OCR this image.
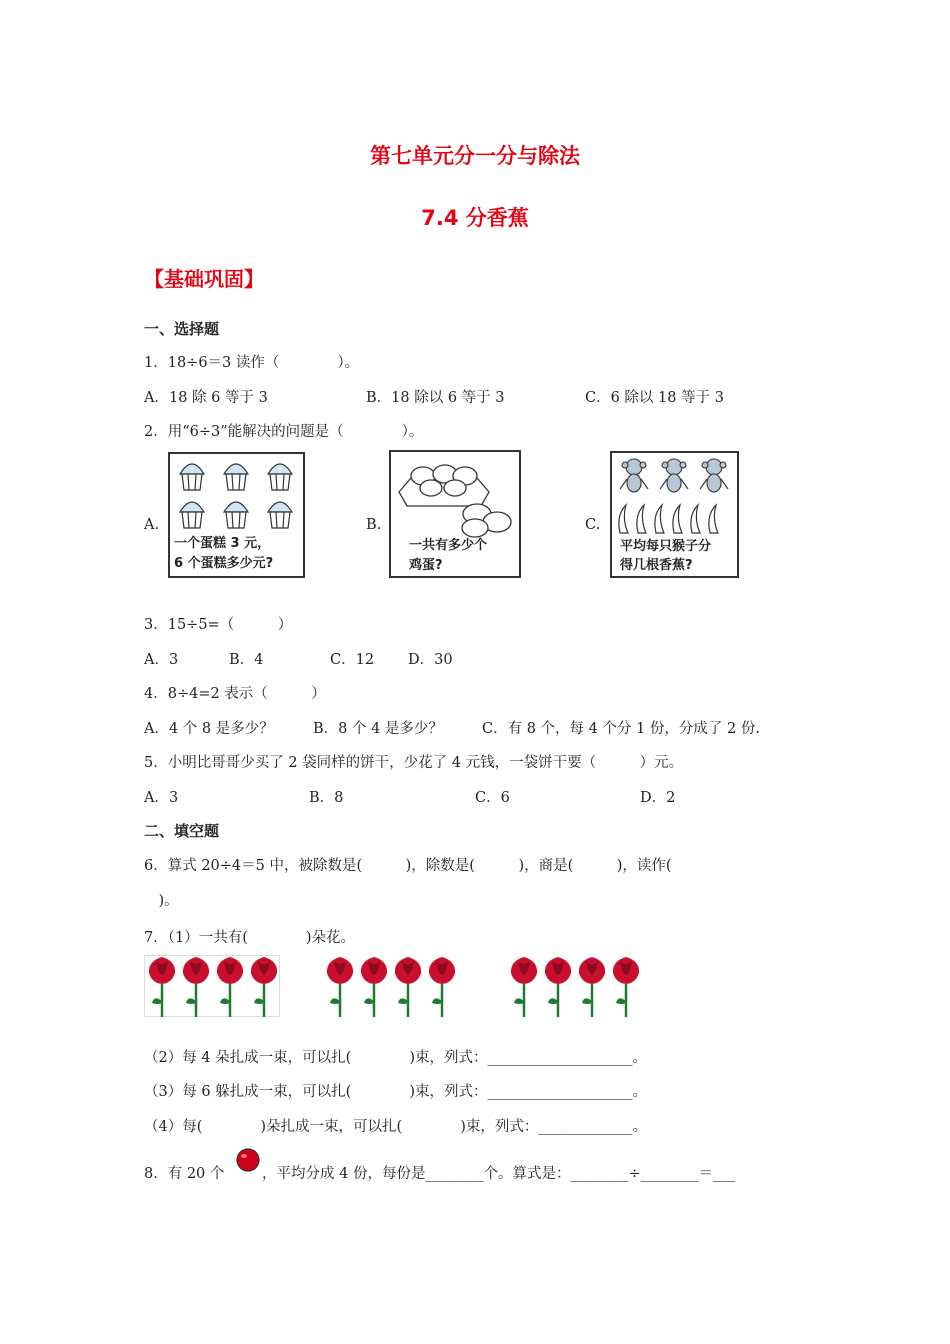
第七单元分一分与除法
7.4 分香蕉
【基础巩固】
一、选择题
1．18÷6＝3 读作（　　　　）。
A．18 除 6 等于 3	B．18 除以 6 等于 3	C．6 除以 18 等于 3
2．用“6÷3”能解决的问题是（　　　　）。
A.
一个蛋糕 3 元，
6 个蛋糕多少元?
B.
一共有多少个
鸡蛋?
C.
平均每只猴子分
得几根香蕉?
3．15÷5=（　　　）
A．3	B．4	C．12 D．30
4．8÷4=2 表示（　　　）
A．4 个 8 是多少？	B．8 个 4 是多少？	C．有 8 个，每 4 个分 1 份，分成了 2 份.
5．小明比哥哥少买了 2 袋同样的饼干，少花了 4 元钱，一袋饼干要（　　　）元。
A．3	B．8	C．6	D．2
二、填空题
6．算式 20÷4＝5 中，被除数是(　　　)，除数是(　　　)，商是(　　　)，读作(
　)。
7．（1）一共有(　　　　)朵花。
（2）每 4 朵扎成一束，可以扎(　　　　)束，列式：____________________。
（3）每 6 躲扎成一束，可以扎(　　　　)束，列式：____________________。
（4）每(　　　　)朵扎成一束，可以扎(　　　　)束，列式：_____________。
8．有 20 个	，平均分成 4 份，每份是________个。算式是：________÷________＝___
